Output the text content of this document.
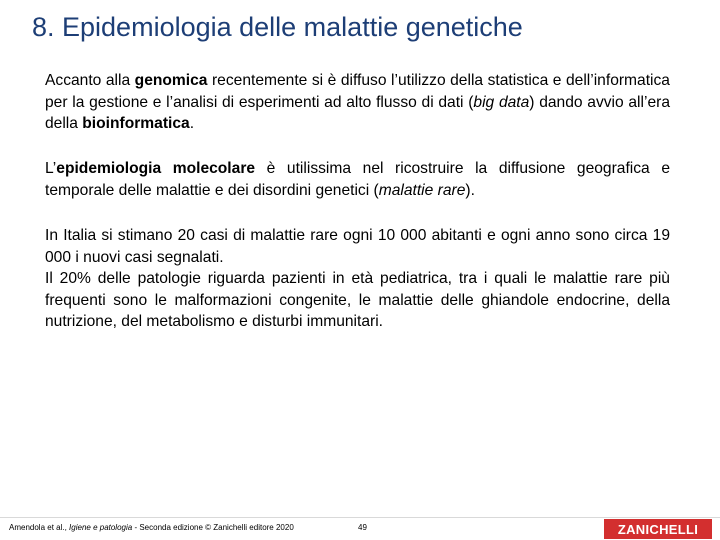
8. Epidemiologia delle malattie genetiche

Accanto alla genomica recentemente si è diffuso l’utilizzo della statistica e dell’informatica per la gestione e l’analisi di esperimenti ad alto flusso di dati (big data) dando avvio all’era della bioinformatica.

L’epidemiologia molecolare è utilissima nel ricostruire la diffusione geografica e temporale delle malattie e dei disordini genetici (malattie rare).

In Italia si stimano 20 casi di malattie rare ogni 10 000 abitanti e ogni anno sono circa 19 000 i nuovi casi segnalati.

Il 20% delle patologie riguarda pazienti in età pediatrica, tra i quali le malattie rare più frequenti sono le malformazioni congenite, le malattie delle ghiandole endocrine, della nutrizione, del metabolismo e disturbi immunitari.

Amendola et al., Igiene e patologia - Seconda edizione © Zanichelli editore 2020	49	ZANICHELLI
